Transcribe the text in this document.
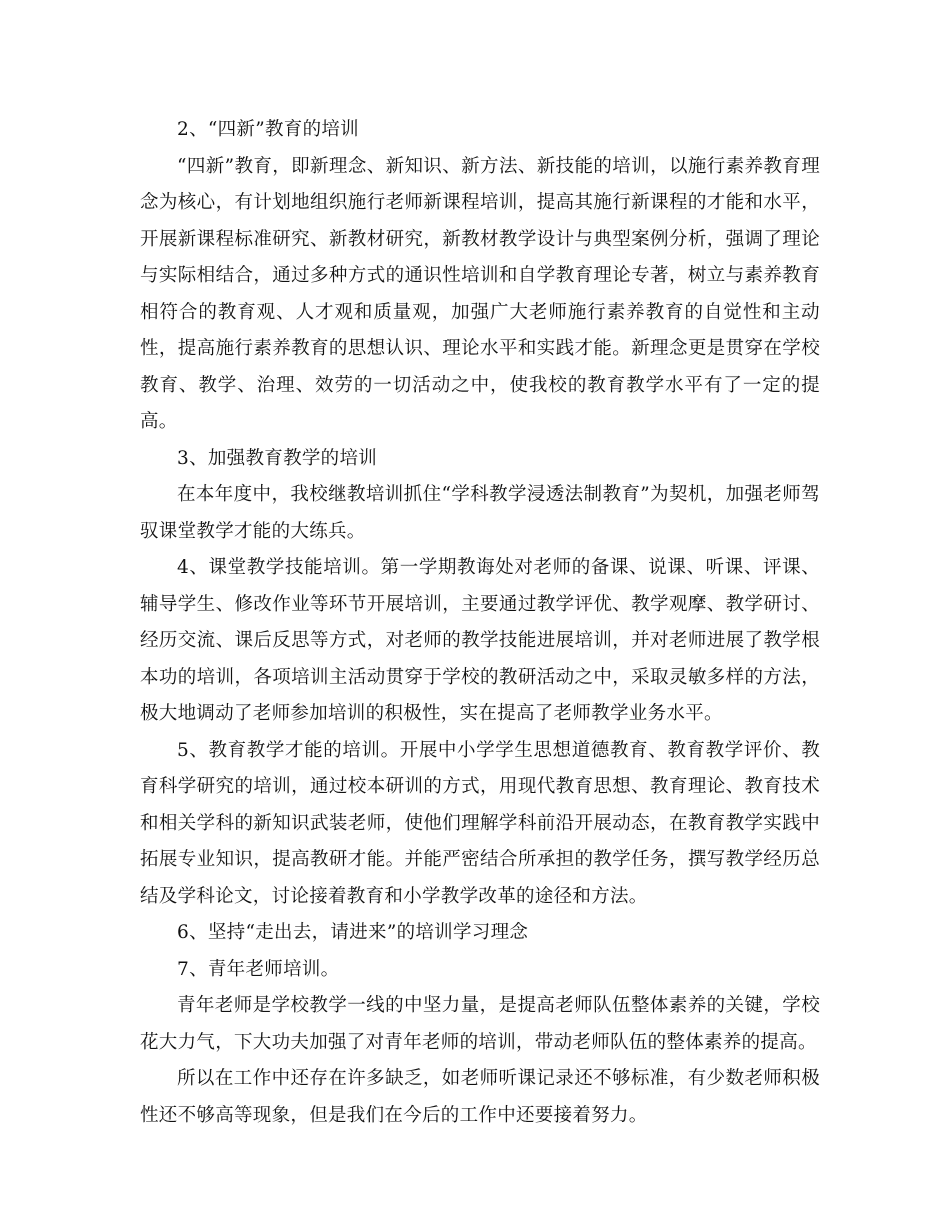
2、“四新”教育的培训

“四新”教育，即新理念、新知识、新方法、新技能的培训，以施行素养教育理念为核心，有计划地组织施行老师新课程培训，提高其施行新课程的才能和水平，开展新课程标准研究、新教材研究，新教材教学设计与典型案例分析，强调了理论与实际相结合，通过多种方式的通识性培训和自学教育理论专著，树立与素养教育相符合的教育观、人才观和质量观，加强广大老师施行素养教育的自觉性和主动性，提高施行素养教育的思想认识、理论水平和实践才能。新理念更是贯穿在学校教育、教学、治理、效劳的一切活动之中，使我校的教育教学水平有了一定的提高。

3、加强教育教学的培训

在本年度中，我校继教培训抓住“学科教学浸透法制教育”为契机，加强老师驾驭课堂教学才能的大练兵。

4、课堂教学技能培训。第一学期教诲处对老师的备课、说课、听课、评课、辅导学生、修改作业等环节开展培训，主要通过教学评优、教学观摩、教学研讨、经历交流、课后反思等方式，对老师的教学技能进展培训，并对老师进展了教学根本功的培训，各项培训主活动贯穿于学校的教研活动之中，采取灵敏多样的方法，极大地调动了老师参加培训的积极性，实在提高了老师教学业务水平。

5、教育教学才能的培训。开展中小学学生思想道德教育、教育教学评价、教育科学研究的培训，通过校本研训的方式，用现代教育思想、教育理论、教育技术和相关学科的新知识武装老师，使他们理解学科前沿开展动态，在教育教学实践中拓展专业知识，提高教研才能。并能严密结合所承担的教学任务，撰写教学经历总结及学科论文，讨论接着教育和小学教学改革的途径和方法。

6、坚持“走出去，请进来”的培训学习理念

7、青年老师培训。

青年老师是学校教学一线的中坚力量，是提高老师队伍整体素养的关键，学校花大力气，下大功夫加强了对青年老师的培训，带动老师队伍的整体素养的提高。

所以在工作中还存在许多缺乏，如老师听课记录还不够标准，有少数老师积极性还不够高等现象，但是我们在今后的工作中还要接着努力。
